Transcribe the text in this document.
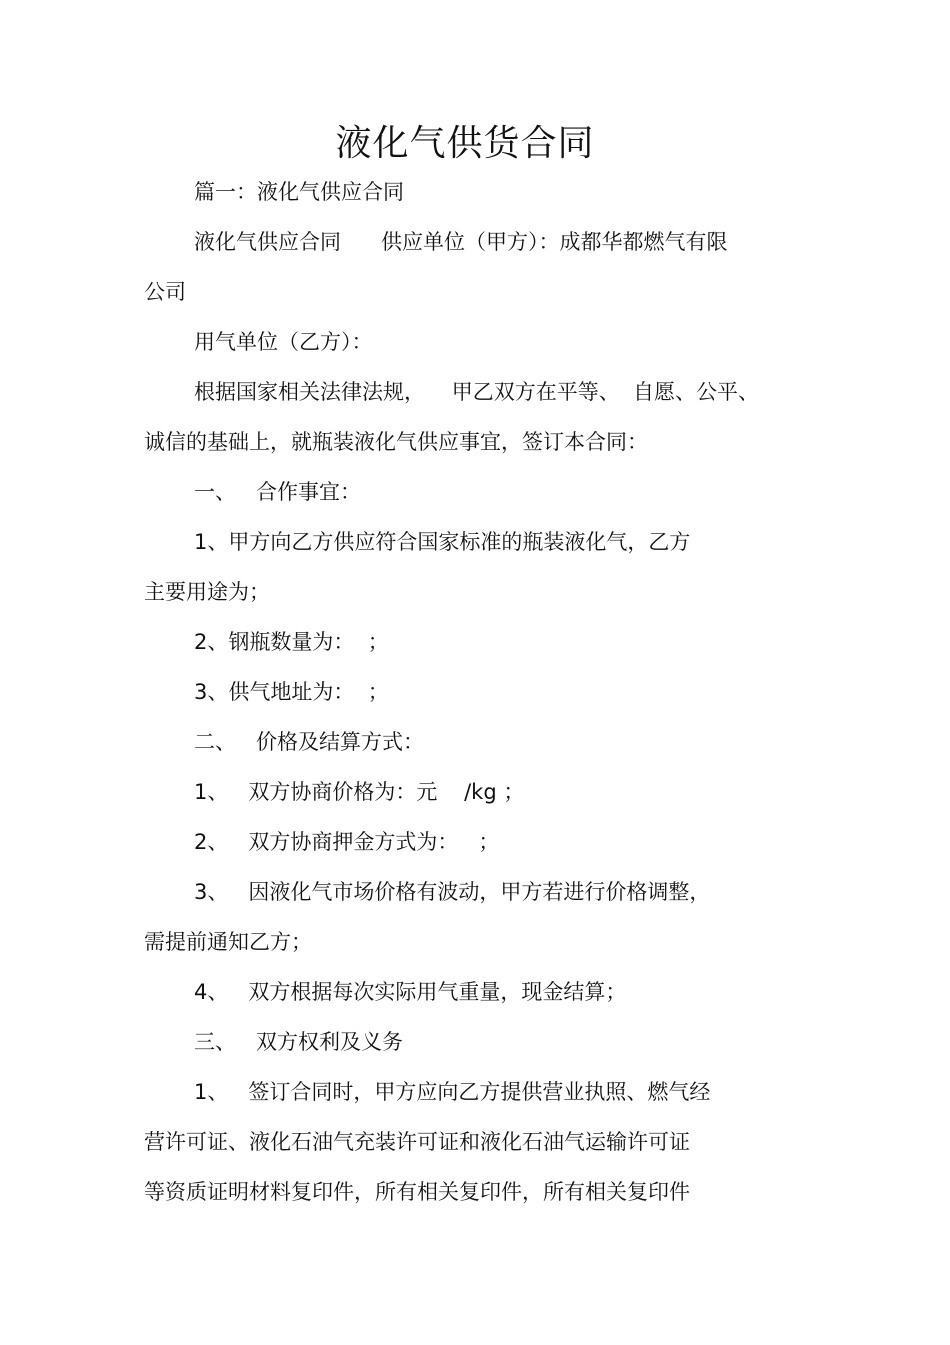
液化气供货合同
篇一：液化气供应合同
液化气供应合同      供应单位（甲方）：成都华都燃气有限
公司
用气单位（乙方）：
根据国家相关法律法规，    甲乙双方在平等、  自愿、公平、
诚信的基础上，就瓶装液化气供应事宜，签订本合同：
一、   合作事宜：
1、甲方向乙方供应符合国家标准的瓶装液化气，乙方
主要用途为；
2、钢瓶数量为：  ；
3、供气地址为：  ；
二、   价格及结算方式：
1、   双方协商价格为：元    /kg ；
2、   双方协商押金方式为：   ；
3、   因液化气市场价格有波动，甲方若进行价格调整，
需提前通知乙方；
4、   双方根据每次实际用气重量，现金结算；
三、   双方权利及义务
1、   签订合同时，甲方应向乙方提供营业执照、燃气经
营许可证、液化石油气充装许可证和液化石油气运输许可证
等资质证明材料复印件，所有相关复印件，所有相关复印件
